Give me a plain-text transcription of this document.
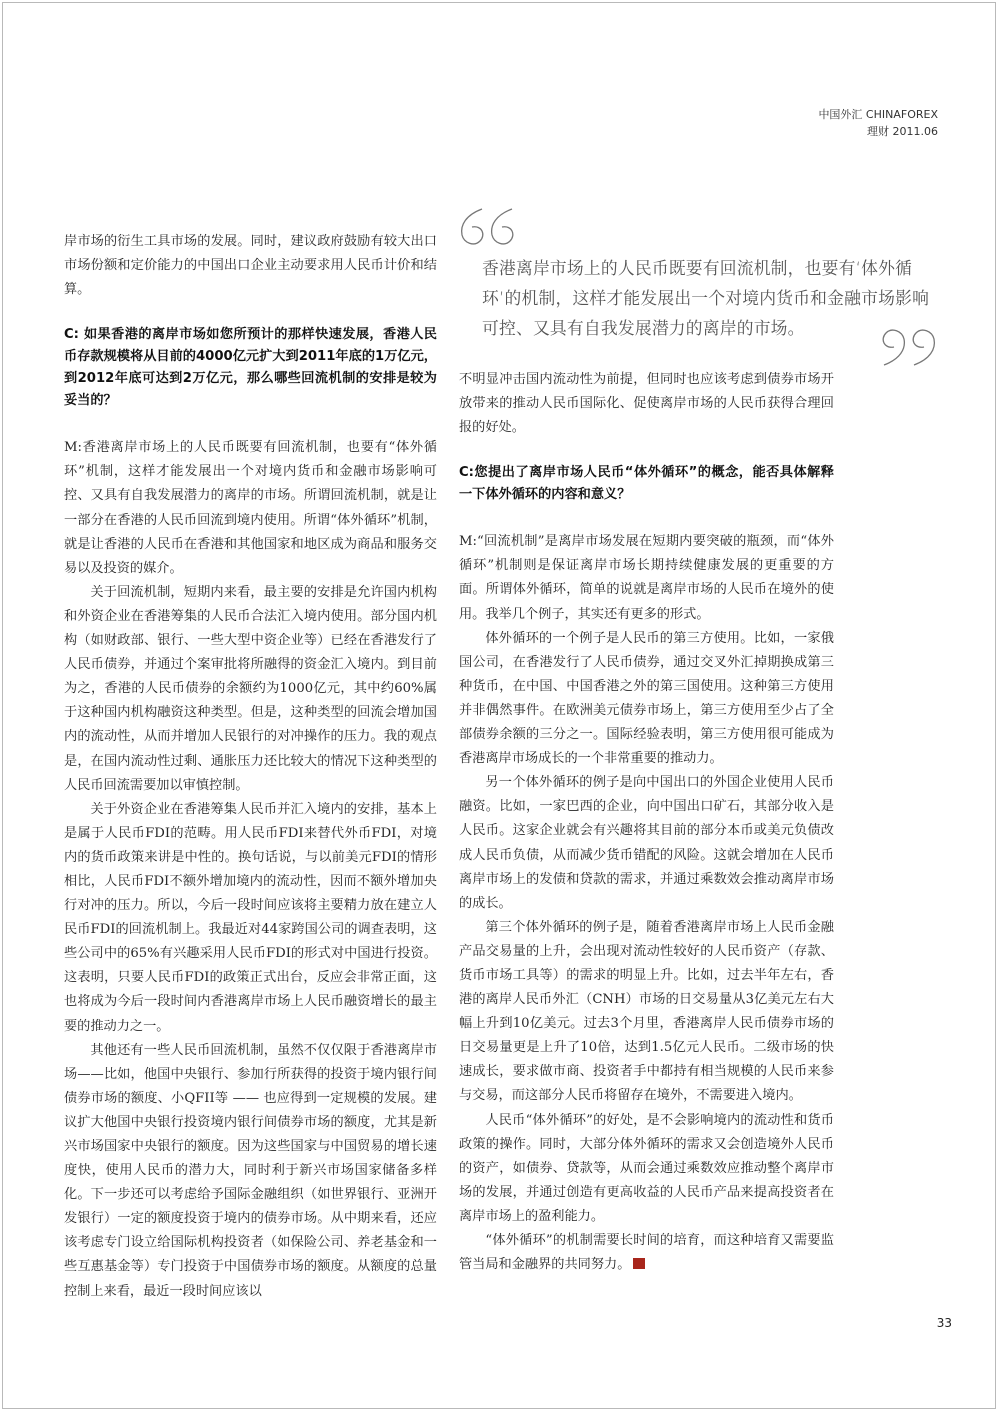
中国外汇 CHINAFOREX
理财 2011.06
香港离岸市场上的人民币既要有回流机制，也要有‘体外循环’的机制，这样才能发展出一个对境内货币和金融市场影响可控、又具有自我发展潜力的离岸的市场。

岸市场的衍生工具市场的发展。同时，建议政府鼓励有较大出口市场份额和定价能力的中国出口企业主动要求用人民币计价和结算。

C: 如果香港的离岸市场如您所预计的那样快速发展，香港人民币存款规模将从目前的4000亿元扩大到2011年底的1万亿元，到2012年底可达到2万亿元，那么哪些回流机制的安排是较为妥当的？

M:香港离岸市场上的人民币既要有回流机制，也要有“体外循环”机制，这样才能发展出一个对境内货币和金融市场影响可控、又具有自我发展潜力的离岸的市场。所谓回流机制，就是让一部分在香港的人民币回流到境内使用。所谓“体外循环”机制，就是让香港的人民币在香港和其他国家和地区成为商品和服务交易以及投资的媒介。

关于回流机制，短期内来看，最主要的安排是允许国内机构和外资企业在香港筹集的人民币合法汇入境内使用。部分国内机构（如财政部、银行、一些大型中资企业等）已经在香港发行了人民币债券，并通过个案审批将所融得的资金汇入境内。到目前为之，香港的人民币债券的余额约为1000亿元，其中约60%属于这种国内机构融资这种类型。但是，这种类型的回流会增加国内的流动性，从而并增加人民银行的对冲操作的压力。我的观点是，在国内流动性过剩、通胀压力还比较大的情况下这种类型的人民币回流需要加以审慎控制。

关于外资企业在香港筹集人民币并汇入境内的安排，基本上是属于人民币FDI的范畴。用人民币FDI来替代外币FDI，对境内的货币政策来讲是中性的。换句话说，与以前美元FDI的情形相比，人民币FDI不额外增加境内的流动性，因而不额外增加央行对冲的压力。所以，今后一段时间应该将主要精力放在建立人民币FDI的回流机制上。我最近对44家跨国公司的调查表明，这些公司中的65%有兴趣采用人民币FDI的形式对中国进行投资。这表明，只要人民币FDI的政策正式出台，反应会非常正面，这也将成为今后一段时间内香港离岸市场上人民币融资增长的最主要的推动力之一。

其他还有一些人民币回流机制，虽然不仅仅限于香港离岸市场——比如，他国中央银行、参加行所获得的投资于境内银行间债券市场的额度、小QFII等 —— 也应得到一定规模的发展。建议扩大他国中央银行投资境内银行间债券市场的额度，尤其是新兴市场国家中央银行的额度。因为这些国家与中国贸易的增长速度快，使用人民币的潜力大，同时利于新兴市场国家储备多样化。下一步还可以考虑给予国际金融组织（如世界银行、亚洲开发银行）一定的额度投资于境内的债券市场。从中期来看，还应该考虑专门设立给国际机构投资者（如保险公司、养老基金和一些互惠基金等）专门投资于中国债券市场的额度。从额度的总量控制上来看，最近一段时间应该以

不明显冲击国内流动性为前提，但同时也应该考虑到债券市场开放带来的推动人民币国际化、促使离岸市场的人民币获得合理回报的好处。

C:您提出了离岸市场人民币“体外循环”的概念，能否具体解释一下体外循环的内容和意义？

M:“回流机制”是离岸市场发展在短期内要突破的瓶颈，而“体外循环”机制则是保证离岸市场长期持续健康发展的更重要的方面。所谓体外循环，简单的说就是离岸市场的人民币在境外的使用。我举几个例子，其实还有更多的形式。

体外循环的一个例子是人民币的第三方使用。比如，一家俄国公司，在香港发行了人民币债券，通过交叉外汇掉期换成第三种货币，在中国、中国香港之外的第三国使用。这种第三方使用并非偶然事件。在欧洲美元债券市场上，第三方使用至少占了全部债券余额的三分之一。国际经验表明，第三方使用很可能成为香港离岸市场成长的一个非常重要的推动力。

另一个体外循环的例子是向中国出口的外国企业使用人民币融资。比如，一家巴西的企业，向中国出口矿石，其部分收入是人民币。这家企业就会有兴趣将其目前的部分本币或美元负债改成人民币负债，从而减少货币错配的风险。这就会增加在人民币离岸市场上的发债和贷款的需求，并通过乘数效会推动离岸市场的成长。

第三个体外循环的例子是，随着香港离岸市场上人民币金融产品交易量的上升，会出现对流动性较好的人民币资产（存款、货币市场工具等）的需求的明显上升。比如，过去半年左右，香港的离岸人民币外汇（CNH）市场的日交易量从3亿美元左右大幅上升到10亿美元。过去3个月里，香港离岸人民币债券市场的日交易量更是上升了10倍，达到1.5亿元人民币。二级市场的快速成长，要求做市商、投资者手中都持有相当规模的人民币来参与交易，而这部分人民币将留存在境外，不需要进入境内。

人民币“体外循环”的好处，是不会影响境内的流动性和货币政策的操作。同时，大部分体外循环的需求又会创造境外人民币的资产，如债券、贷款等，从而会通过乘数效应推动整个离岸市场的发展，并通过创造有更高收益的人民币产品来提高投资者在离岸市场上的盈利能力。

“体外循环”的机制需要长时间的培育，而这种培育又需要监管当局和金融界的共同努力。

33
